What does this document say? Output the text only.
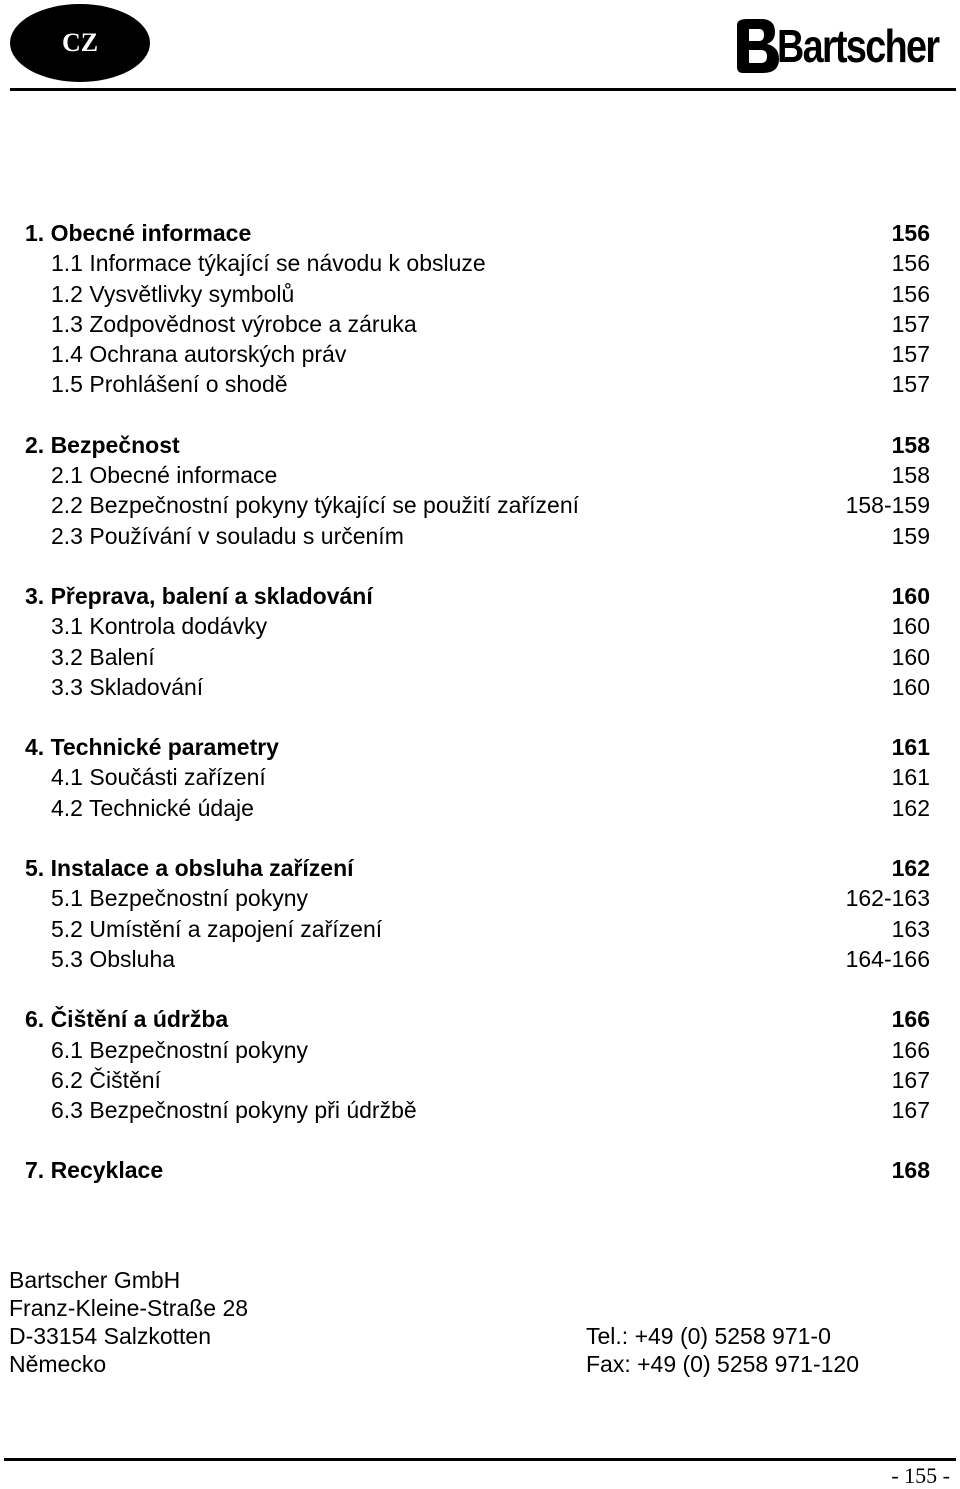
CZ	Bartscher
1. Obecné informace	156
1.1 Informace týkající se návodu k obsluze	156
1.2 Vysvětlivky symbolů	156
1.3 Zodpovědnost výrobce a záruka	157
1.4 Ochrana autorských práv	157
1.5 Prohlášení o shodě	157
2. Bezpečnost	158
2.1 Obecné informace	158
2.2 Bezpečnostní pokyny týkající se použití zařízení	158-159
2.3 Používání v souladu s určením	159
3. Přeprava, balení a skladování	160
3.1 Kontrola dodávky	160
3.2 Balení	160
3.3 Skladování	160
4. Technické parametry	161
4.1 Součásti zařízení	161
4.2 Technické údaje	162
5. Instalace a obsluha zařízení	162
5.1 Bezpečnostní pokyny	162-163
5.2 Umístění a zapojení zařízení	163
5.3 Obsluha	164-166
6. Čištění a údržba	166
6.1 Bezpečnostní pokyny	166
6.2 Čištění	167
6.3 Bezpečnostní pokyny při údržbě	167
7. Recyklace	168
Bartscher GmbH
Franz-Kleine-Straße 28
D-33154 Salzkotten
Německo
Tel.: +49 (0) 5258 971-0
Fax: +49 (0) 5258 971-120
- 155 -
